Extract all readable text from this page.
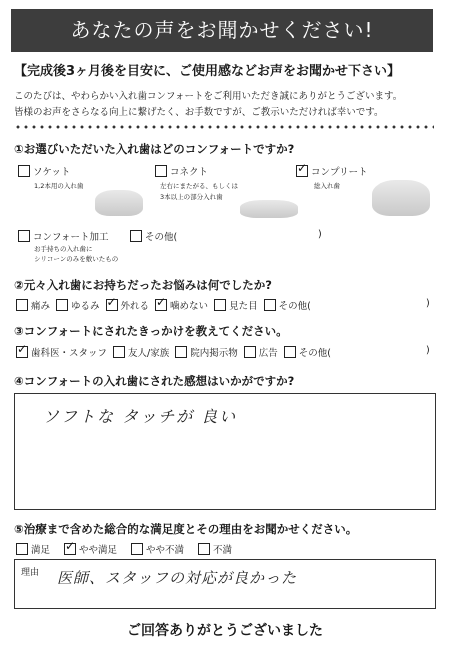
あなたの声をお聞かせください!
【完成後3ヶ月後を目安に、ご使用感などお声をお聞かせ下さい】
このたびは、やわらかい入れ歯コンフォートをご利用いただき誠にありがとうございます。
皆様のお声をさらなる向上に繋げたく、お手数ですが、ご教示いただければ幸いです。
①お選びいただいた入れ歯はどのコンフォートですか?
ソケット
1,2本用の入れ歯
コネクト
左右にまたがる、もしくは
3本以上の部分入れ歯
✓
コンプリート
総入れ歯
コンフォート加工
お手持ちの入れ歯に
シリコーンのみを敷いたもの
その他(	)
②元々入れ歯にお持ちだったお悩みは何でしたか?
痛み ゆるみ ✓ 外れる ✓ 噛めない 見た目 その他(	)
③コンフォートにされたきっかけを教えてください。
✓
歯科医・スタッフ 友人/家族 院内掲示物 広告 その他(	)
④コンフォートの入れ歯にされた感想はいかがですか?
ソフトな タッチが 良い
⑤治療まで含めた総合的な満足度とその理由をお聞かせください。
満足 ✓	やや満足	やや不満	不満
理由 医師、スタッフの対応が良かった
ご回答ありがとうございました
